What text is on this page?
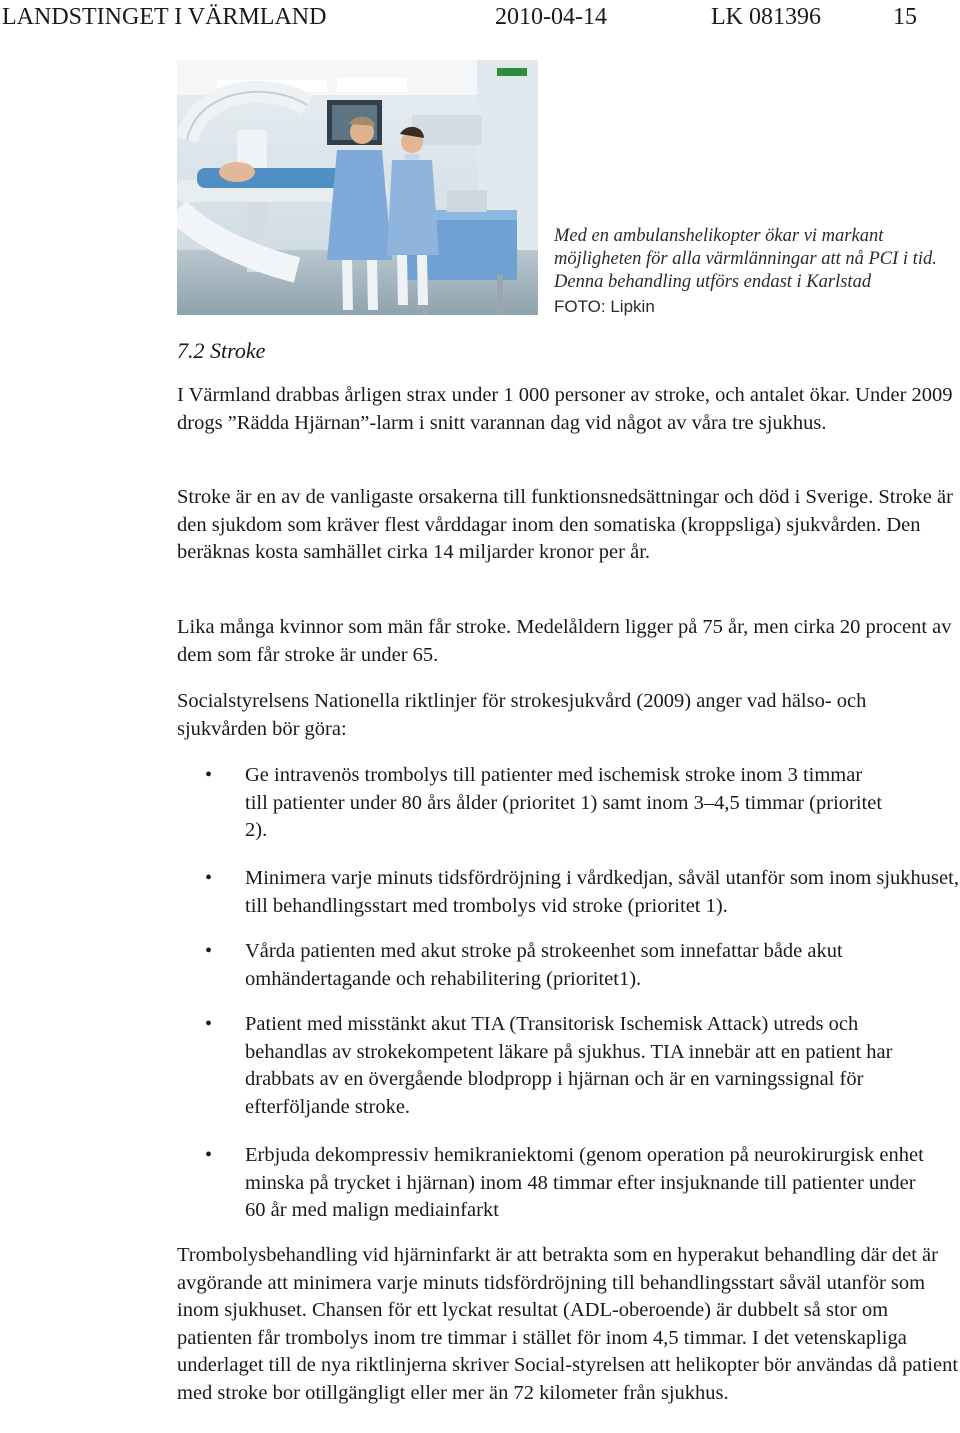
LANDSTINGET I VÄRMLAND	2010-04-14	LK 081396	15
Med en ambulanshelikopter ökar vi markant
möjligheten för alla värmlänningar att nå PCI i tid.
Denna behandling utförs endast i Karlstad
FOTO: Lipkin
7.2 Stroke

I Värmland drabbas årligen strax under 1 000 personer av stroke, och antalet ökar. Under 2009 drogs ”Rädda Hjärnan”-larm i snitt varannan dag vid något av våra tre sjukhus.

Stroke är en av de vanligaste orsakerna till funktionsnedsättningar och död i Sverige. Stroke är den sjukdom som kräver flest vårddagar inom den somatiska (kroppsliga) sjukvården. Den beräknas kosta samhället cirka 14 miljarder kronor per år.

Lika många kvinnor som män får stroke. Medelåldern ligger på 75 år, men cirka 20 procent av dem som får stroke är under 65.

Socialstyrelsens Nationella riktlinjer för strokesjukvård (2009) anger vad hälso- och sjukvården bör göra:

•	Ge intravenös trombolys till patienter med ischemisk stroke inom 3 timmar till patienter under 80 års ålder (prioritet 1) samt inom 3–4,5 timmar (prioritet 2).
•	Minimera varje minuts tidsfördröjning i vårdkedjan, såväl utanför som inom sjukhuset, till behandlingsstart med trombolys vid stroke (prioritet 1).
•	Vårda patienten med akut stroke på strokeenhet som innefattar både akut omhändertagande och rehabilitering (prioritet1).
•	Patient med misstänkt akut TIA (Transitorisk Ischemisk Attack) utreds och behandlas av strokekompetent läkare på sjukhus. TIA innebär att en patient har drabbats av en övergående blodpropp i hjärnan och är en varningssignal för efterföljande stroke.
•	Erbjuda dekompressiv hemikraniektomi (genom operation på neurokirurgisk enhet minska på trycket i hjärnan) inom 48 timmar efter insjuknande till patienter under 60 år med malign mediainfarkt

Trombolysbehandling vid hjärninfarkt är att betrakta som en hyperakut behandling där det är avgörande att minimera varje minuts tidsfördröjning till behandlingsstart såväl utanför som inom sjukhuset. Chansen för ett lyckat resultat (ADL-oberoende) är dubbelt så stor om patienten får trombolys inom tre timmar i stället för inom 4,5 timmar. I det vetenskapliga underlaget till de nya riktlinjerna skriver Social-styrelsen att helikopter bör användas då patient med stroke bor otillgängligt eller mer än 72 kilometer från sjukhus.
